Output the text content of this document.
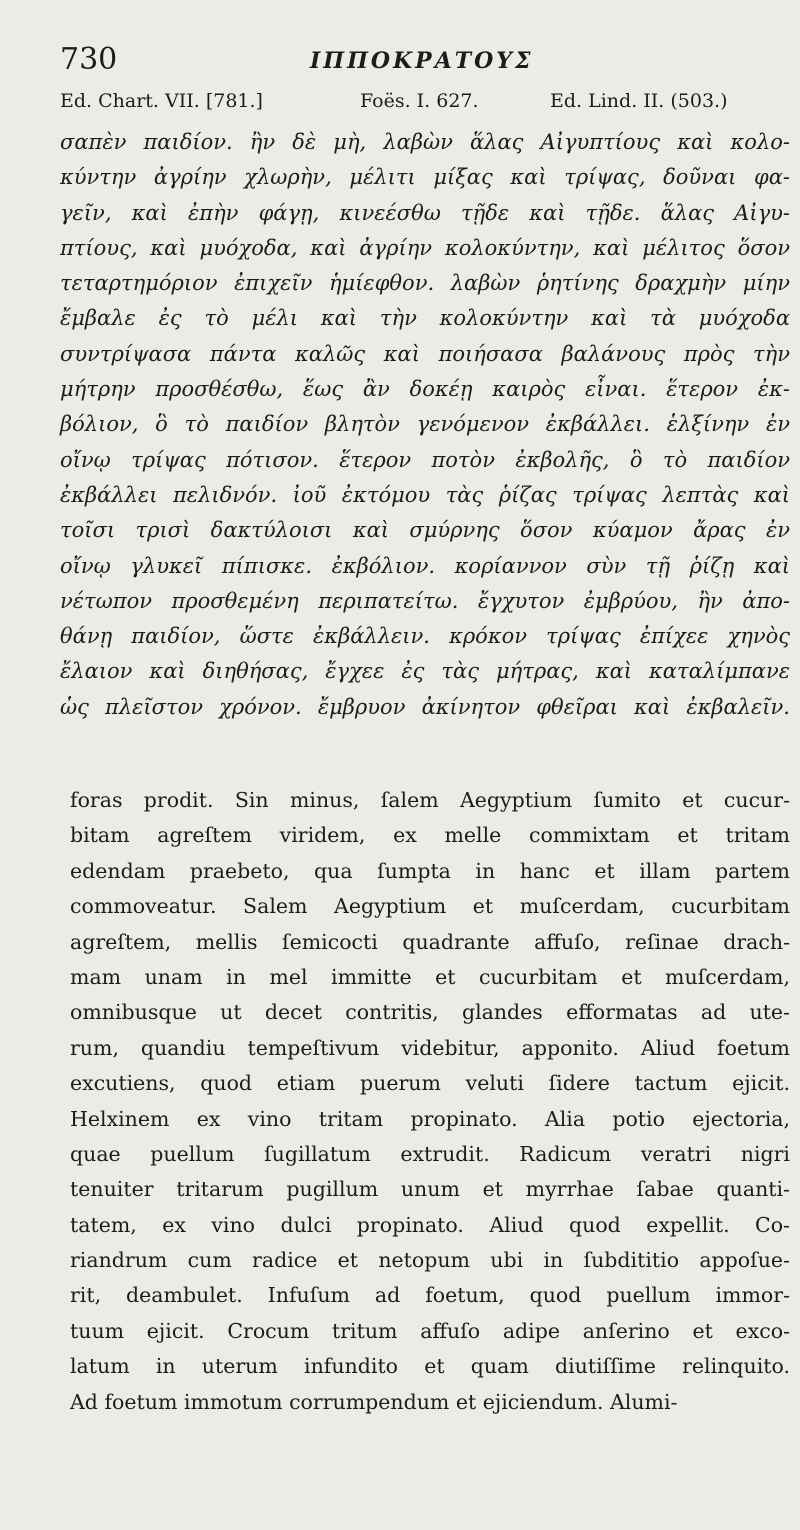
730	ΙΠΠΟΚΡΑΤΟΥΣ
Ed. Chart. VII. [781.]	Foës. I. 627.	Ed. Lind. II. (503.)
σαπὲν παιδίον. ἢν δὲ μὴ, λαβὼν ἅλας Αἰγυπτίους καὶ κολο-
κύντην ἀγρίην χλωρὴν, μέλιτι μίξας καὶ τρίψας, δοῦναι φα-
γεῖν, καὶ ἐπὴν φάγῃ, κινεέσθω τῇδε καὶ τῇδε. ἅλας Αἰγυ-
πτίους, καὶ μυόχοδα, καὶ ἀγρίην κολοκύντην, καὶ μέλιτος ὅσον
τεταρτημόριον ἐπιχεῖν ἡμίεφθον. λαβὼν ῥητίνης δραχμὴν μίην
ἔμβαλε ἐς τὸ μέλι καὶ τὴν κολοκύντην καὶ τὰ μυόχοδα
συντρίψασα πάντα καλῶς καὶ ποιήσασα βαλάνους πρὸς τὴν
μήτρην προσθέσθω, ἕως ἂν δοκέῃ καιρὸς εἶναι. ἕτερον ἐκ-
βόλιον, ὃ τὸ παιδίον βλητὸν γενόμενον ἐκβάλλει. ἑλξίνην ἐν
οἴνῳ τρίψας πότισον. ἕτερον ποτὸν ἐκβολῆς, ὃ τὸ παιδίον
ἐκβάλλει πελιδνόν. ἰοῦ ἐκτόμου τὰς ῥίζας τρίψας λεπτὰς καὶ
τοῖσι τρισὶ δακτύλοισι καὶ σμύρνης ὅσον κύαμον ἄρας ἐν
οἴνῳ γλυκεῖ πίπισκε. ἐκβόλιον. κορίαννον σὺν τῇ ῥίζῃ καὶ
νέτωπον προσθεμένη περιπατείτω. ἔγχυτον ἐμβρύου, ἢν ἀπο-
θάνῃ παιδίον, ὥστε ἐκβάλλειν. κρόκον τρίψας ἐπίχεε χηνὸς
ἔλαιον καὶ διηθήσας, ἔγχεε ἐς τὰς μήτρας, καὶ καταλίμπανε
ὡς πλεῖστον χρόνον. ἔμβρυον ἀκίνητον φθεῖραι καὶ ἐκβαλεῖν.
foras prodit. Sin minus, ſalem Aegyptium ſumito et cucur-
bitam agreſtem viridem, ex melle commixtam et tritam
edendam praebeto, qua ſumpta in hanc et illam partem
commoveatur. Salem Aegyptium et muſcerdam, cucurbitam
agreſtem, mellis ſemicocti quadrante affuſo, reſinae drach-
mam unam in mel immitte et cucurbitam et muſcerdam,
omnibusque ut decet contritis, glandes efformatas ad ute-
rum, quandiu tempeſtivum videbitur, apponito. Aliud foetum
excutiens, quod etiam puerum veluti ſidere tactum ejicit.
Helxinem ex vino tritam propinato. Alia potio ejectoria,
quae puellum ſugillatum extrudit. Radicum veratri nigri
tenuiter tritarum pugillum unum et myrrhae ſabae quanti-
tatem, ex vino dulci propinato. Aliud quod expellit. Co-
riandrum cum radice et netopum ubi in ſubdititio appoſue-
rit, deambulet. Infuſum ad foetum, quod puellum immor-
tuum ejicit. Crocum tritum affuſo adipe anſerino et exco-
latum in uterum infundito et quam diutiſſime relinquito.
Ad foetum immotum corrumpendum et ejiciendum. Alumi-
